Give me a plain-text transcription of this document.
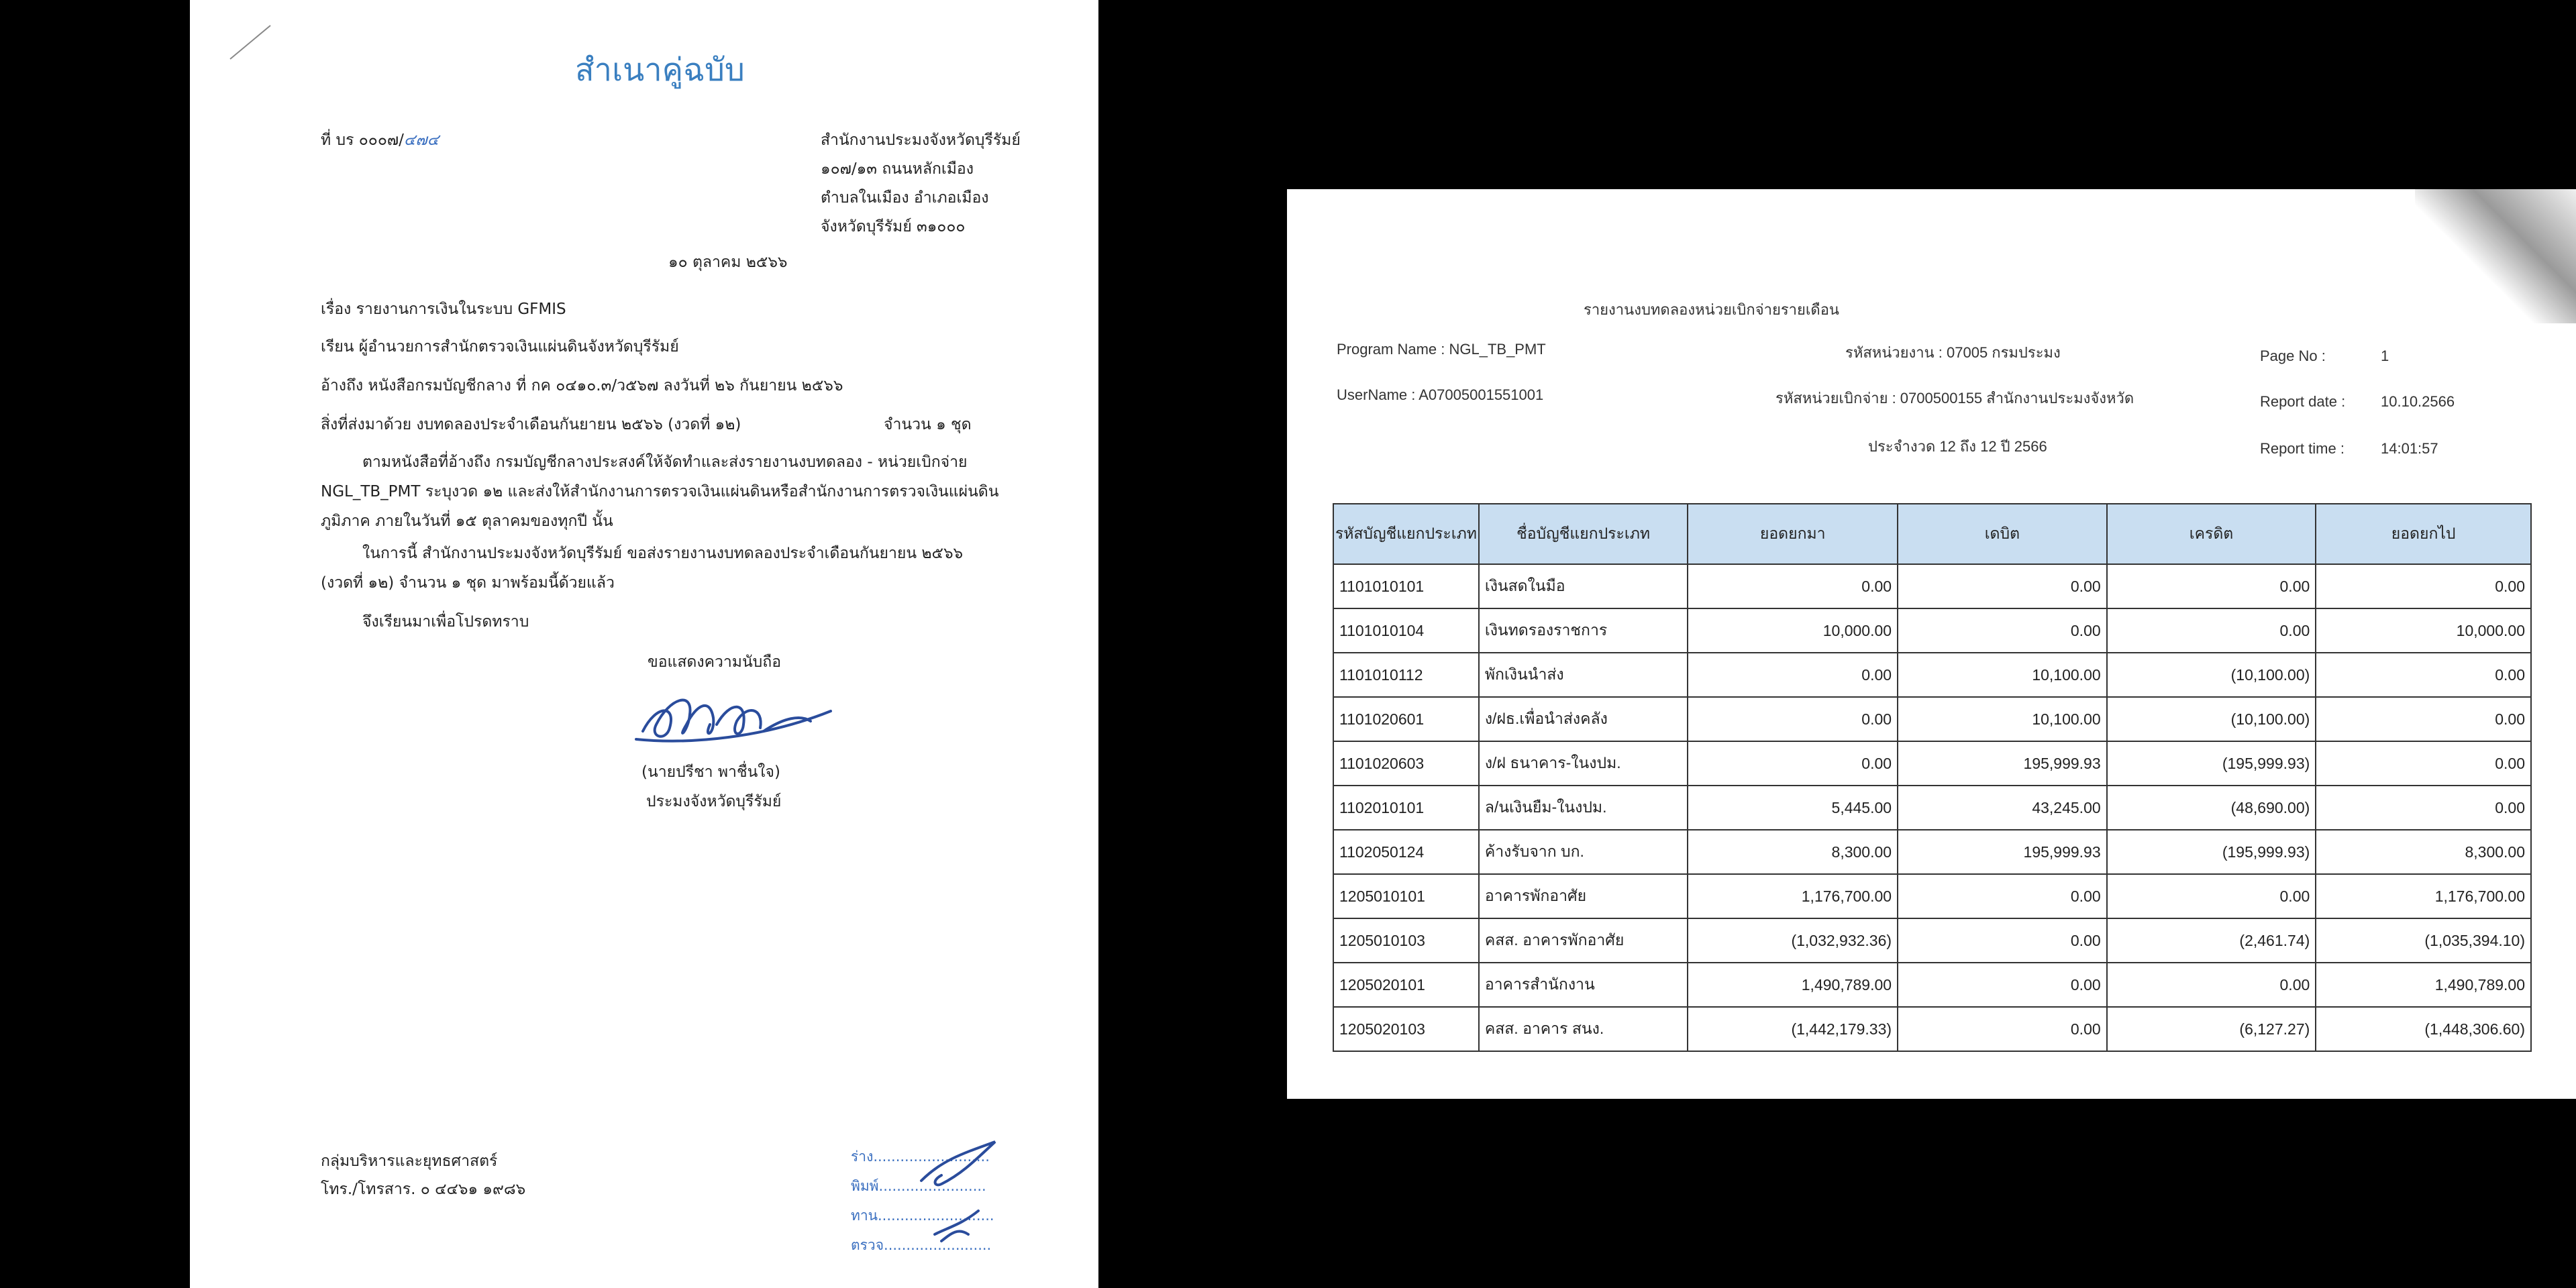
สำเนาคู่ฉบับ
ที่ บร ๐๐๐๗/๔๗๔	สำนักงานประมงจังหวัดบุรีรัมย์
๑๐๗/๑๓ ถนนหลักเมือง
ตำบลในเมือง อำเภอเมือง
จังหวัดบุรีรัมย์ ๓๑๐๐๐
๑๐ ตุลาคม ๒๕๖๖
เรื่อง รายงานการเงินในระบบ GFMIS
เรียน ผู้อำนวยการสำนักตรวจเงินแผ่นดินจังหวัดบุรีรัมย์
อ้างถึง หนังสือกรมบัญชีกลาง ที่ กค ๐๔๑๐.๓/ว๕๖๗ ลงวันที่ ๒๖ กันยายน ๒๕๖๖
สิ่งที่ส่งมาด้วย งบทดลองประจำเดือนกันยายน ๒๕๖๖ (งวดที่ ๑๒)	จำนวน ๑ ชุด
ตามหนังสือที่อ้างถึง กรมบัญชีกลางประสงค์ให้จัดทำและส่งรายงานงบทดลอง - หน่วยเบิกจ่าย
NGL_TB_PMT ระบุงวด ๑๒ และส่งให้สำนักงานการตรวจเงินแผ่นดินหรือสำนักงานการตรวจเงินแผ่นดิน
ภูมิภาค ภายในวันที่ ๑๕ ตุลาคมของทุกปี นั้น
ในการนี้ สำนักงานประมงจังหวัดบุรีรัมย์ ขอส่งรายงานงบทดลองประจำเดือนกันยายน ๒๕๖๖
(งวดที่ ๑๒) จำนวน ๑ ชุด มาพร้อมนี้ด้วยแล้ว
จึงเรียนมาเพื่อโปรดทราบ
ขอแสดงความนับถือ
(นายปรีชา พาชื่นใจ)
ประมงจังหวัดบุรีรัมย์
กลุ่มบริหารและยุทธศาสตร์
โทร./โทรสาร. ๐ ๔๔๖๑ ๑๙๘๖
ร่าง..........................
พิมพ์........................
ทาน..........................
ตรวจ........................
รายงานงบทดลองหน่วยเบิกจ่ายรายเดือน
Program Name : NGL_TB_PMT
UserName : A07005001551001
รหัสหน่วยงาน : 07005 กรมประมง
รหัสหน่วยเบิกจ่าย : 0700500155 สำนักงานประมงจังหวัด
ประจำงวด 12 ถึง 12 ปี 2566
Page No :	1
Report date : 10.10.2566
Report time : 14:01:57
รหัสบัญชีแยกประเภท	ชื่อบัญชีแยกประเภท	ยอดยกมา	เดบิต	เครดิต	ยอดยกไป
1101010101	เงินสดในมือ	0.00	0.00	0.00	0.00
1101010104	เงินทดรองราชการ	10,000.00	0.00	0.00	10,000.00
1101010112	พักเงินนำส่ง	0.00	10,100.00	(10,100.00)	0.00
1101020601	ง/ฝธ.เพื่อนำส่งคลัง	0.00	10,100.00	(10,100.00)	0.00
1101020603	ง/ฝ ธนาคาร-ในงปม.	0.00	195,999.93	(195,999.93)	0.00
1102010101	ล/นเงินยืม-ในงปม.	5,445.00	43,245.00	(48,690.00)	0.00
1102050124	ค้างรับจาก บก.	8,300.00	195,999.93	(195,999.93)	8,300.00
1205010101	อาคารพักอาศัย	1,176,700.00	0.00	0.00	1,176,700.00
1205010103	คสส. อาคารพักอาศัย	(1,032,932.36)	0.00	(2,461.74)	(1,035,394.10)
1205020101	อาคารสำนักงาน	1,490,789.00	0.00	0.00	1,490,789.00
1205020103	คสส. อาคาร สนง.	(1,442,179.33)	0.00	(6,127.27)	(1,448,306.60)
